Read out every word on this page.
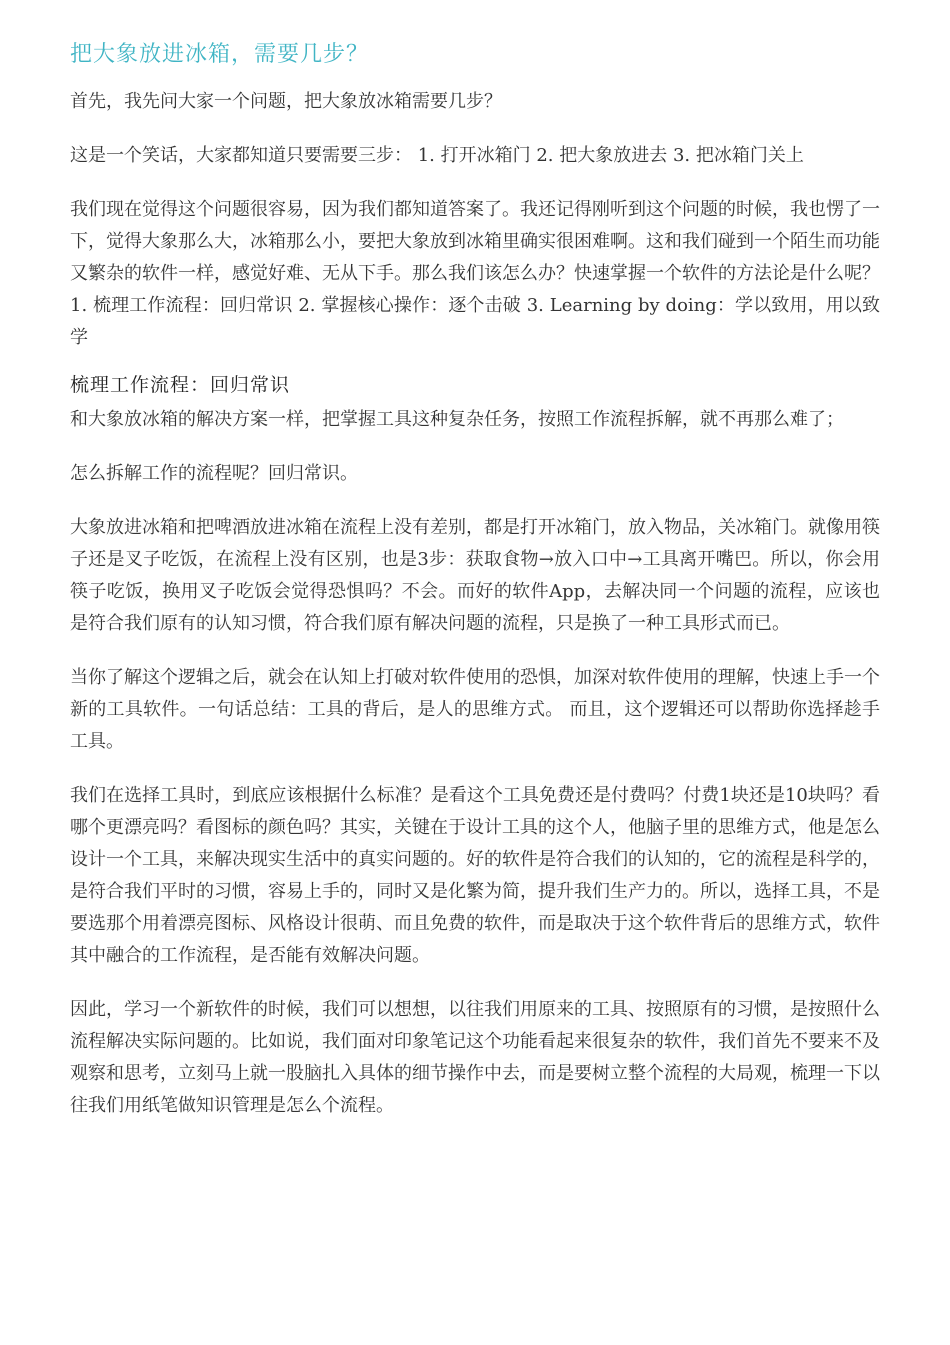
把大象放进冰箱，需要几步？

首先，我先问大家一个问题，把大象放冰箱需要几步？

这是一个笑话，大家都知道只要需要三步： 1. 打开冰箱门 2. 把大象放进去 3. 把冰箱门关上

我们现在觉得这个问题很容易，因为我们都知道答案了。我还记得刚听到这个问题的时候，我也愣了一下，觉得大象那么大，冰箱那么小，要把大象放到冰箱里确实很困难啊。这和我们碰到一个陌生而功能又繁杂的软件一样，感觉好难、无从下手。那么我们该怎么办？快速掌握一个软件的方法论是什么呢？ 1. 梳理工作流程：回归常识 2. 掌握核心操作：逐个击破 3. Learning by doing：学以致用，用以致学

梳理工作流程：回归常识

和大象放冰箱的解决方案一样，把掌握工具这种复杂任务，按照工作流程拆解，就不再那么难了；

怎么拆解工作的流程呢？回归常识。

大象放进冰箱和把啤酒放进冰箱在流程上没有差别，都是打开冰箱门，放入物品，关冰箱门。就像用筷子还是叉子吃饭，在流程上没有区别，也是3步：获取食物→放入口中→工具离开嘴巴。所以，你会用筷子吃饭，换用叉子吃饭会觉得恐惧吗？不会。而好的软件App，去解决同一个问题的流程，应该也是符合我们原有的认知习惯，符合我们原有解决问题的流程，只是换了一种工具形式而已。

当你了解这个逻辑之后，就会在认知上打破对软件使用的恐惧，加深对软件使用的理解，快速上手一个新的工具软件。一句话总结：工具的背后，是人的思维方式。 而且，这个逻辑还可以帮助你选择趁手工具。

我们在选择工具时，到底应该根据什么标准？是看这个工具免费还是付费吗？付费1块还是10块吗？看哪个更漂亮吗？看图标的颜色吗？其实，关键在于设计工具的这个人，他脑子里的思维方式，他是怎么设计一个工具，来解决现实生活中的真实问题的。好的软件是符合我们的认知的，它的流程是科学的，是符合我们平时的习惯，容易上手的，同时又是化繁为简，提升我们生产力的。所以，选择工具，不是要选那个用着漂亮图标、风格设计很萌、而且免费的软件，而是取决于这个软件背后的思维方式，软件其中融合的工作流程，是否能有效解决问题。

因此，学习一个新软件的时候，我们可以想想，以往我们用原来的工具、按照原有的习惯，是按照什么流程解决实际问题的。比如说，我们面对印象笔记这个功能看起来很复杂的软件，我们首先不要来不及观察和思考，立刻马上就一股脑扎入具体的细节操作中去，而是要树立整个流程的大局观，梳理一下以往我们用纸笔做知识管理是怎么个流程。
